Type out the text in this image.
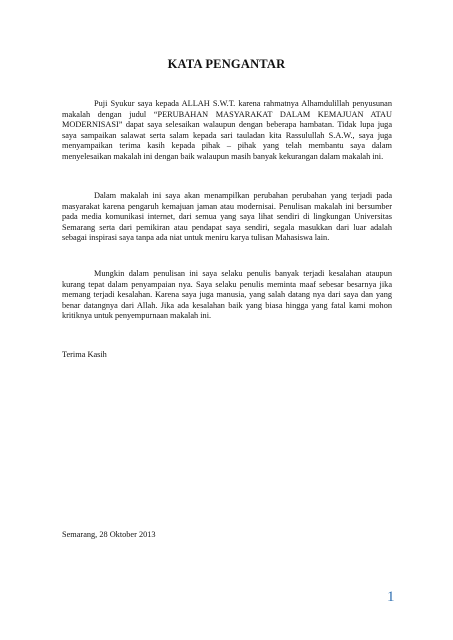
KATA PENGANTAR

Puji Syukur saya kepada ALLAH S.W.T. karena rahmatnya Alhamdulillah penyusunan makalah dengan judul “PERUBAHAN MASYARAKAT DALAM KEMAJUAN ATAU MODERNISASI” dapat saya selesaikan walaupun dengan beberapa hambatan. Tidak lupa juga saya sampaikan salawat serta salam kepada sari tauladan kita Rassulullah S.A.W., saya juga menyampaikan terima kasih kepada pihak – pihak yang telah membantu saya dalam menyelesaikan makalah ini dengan baik walaupun masih banyak kekurangan dalam makalah ini.

Dalam makalah ini saya akan menampilkan perubahan perubahan yang terjadi pada masyarakat karena pengaruh kemajuan jaman atau modernisai. Penulisan makalah ini bersumber pada media komunikasi internet, dari semua yang saya lihat sendiri di lingkungan Universitas Semarang serta dari pemikiran atau pendapat saya sendiri, segala masukkan dari luar adalah sebagai inspirasi saya tanpa ada niat untuk meniru karya tulisan Mahasiswa lain.

Mungkin dalam penulisan ini saya selaku penulis banyak terjadi kesalahan ataupun kurang tepat dalam penyampaian nya. Saya selaku penulis meminta maaf sebesar besarnya jika memang terjadi kesalahan. Karena saya juga manusia, yang salah datang nya dari saya dan yang benar datangnya dari Allah. Jika ada kesalahan baik yang biasa hingga yang fatal kami mohon kritiknya untuk penyempurnaan makalah ini.

Terima Kasih

Semarang, 28 Oktober 2013

1
